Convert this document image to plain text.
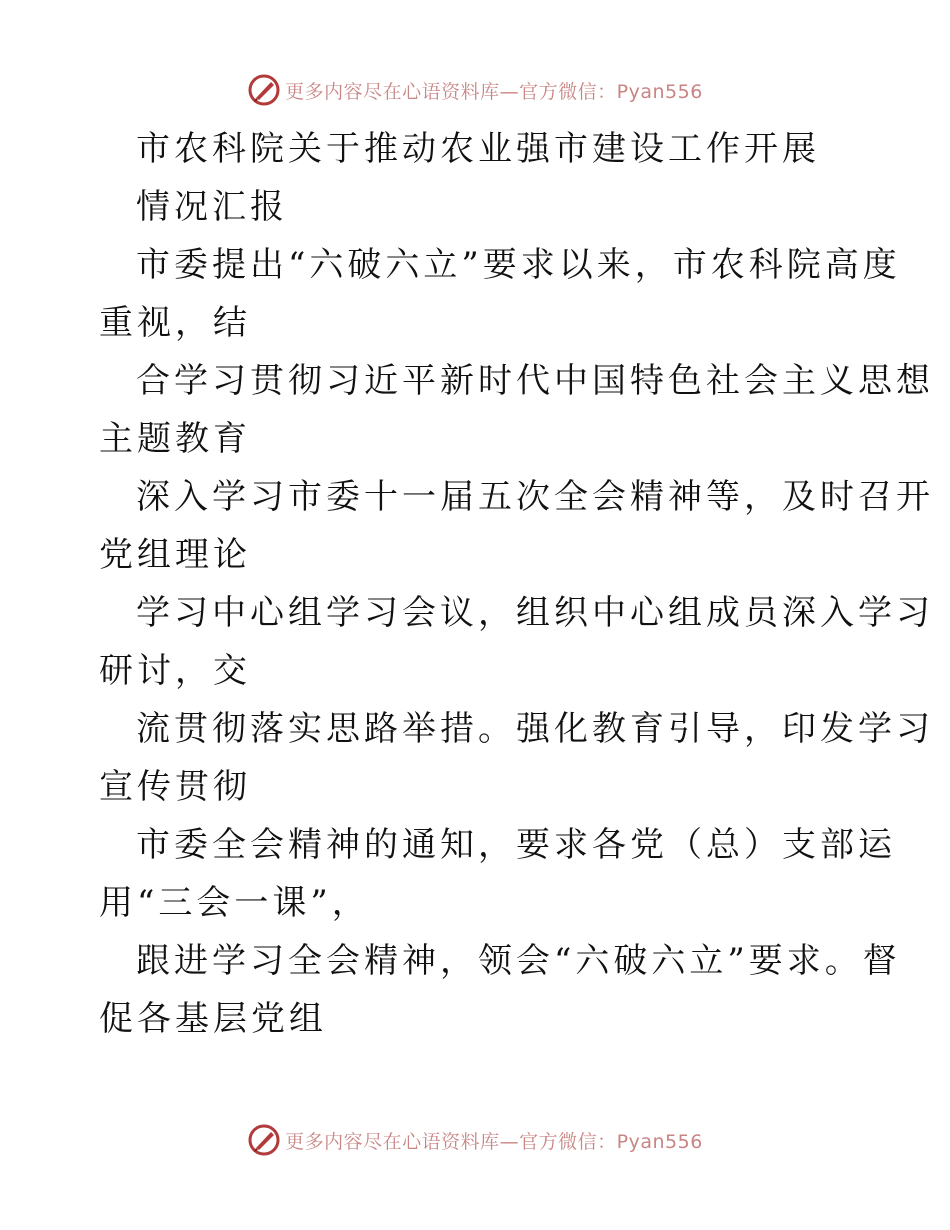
更多内容尽在心语资料库—官方微信：Pyan556
市农科院关于推动农业强市建设工作开展
情况汇报
市委提出“六破六立”要求以来，市农科院高度
重视，结
合学习贯彻习近平新时代中国特色社会主义思想
主题教育
深入学习市委十一届五次全会精神等，及时召开
党组理论
学习中心组学习会议，组织中心组成员深入学习
研讨，交
流贯彻落实思路举措。强化教育引导，印发学习
宣传贯彻
市委全会精神的通知，要求各党（总）支部运
用“三会一课”，
跟进学习全会精神，领会“六破六立”要求。督
促各基层党组
更多内容尽在心语资料库—官方微信：Pyan556
